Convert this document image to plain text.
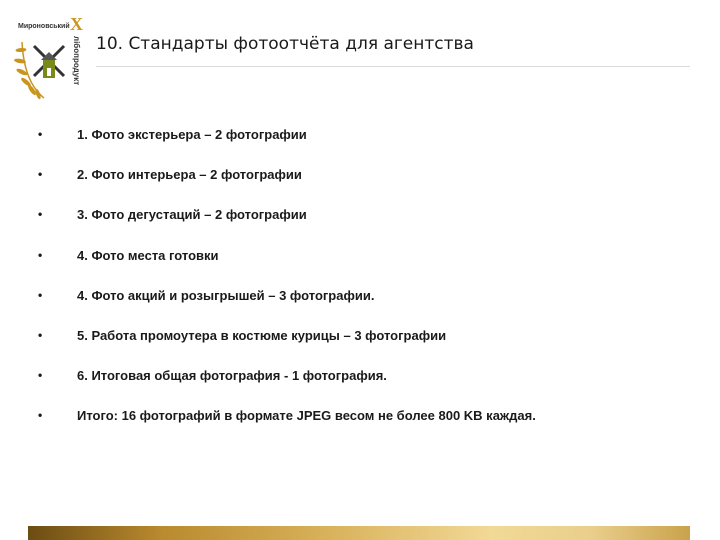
Мироновський Х
лібопродукт 10. Стандарты фотоотчёта для агентства
•	1. Фото экстерьера – 2 фотографии
•	2. Фото интерьера – 2 фотографии
•	3. Фото дегустаций – 2 фотографии
•	4. Фото места готовки
•	4. Фото акций и розыгрышей – 3 фотографии.
•	5. Работа промоутера в костюме курицы – 3 фотографии
•	6. Итоговая общая фотография - 1 фотография.
•	Итого: 16 фотографий в формате JPEG весом не более 800 KB каждая.
